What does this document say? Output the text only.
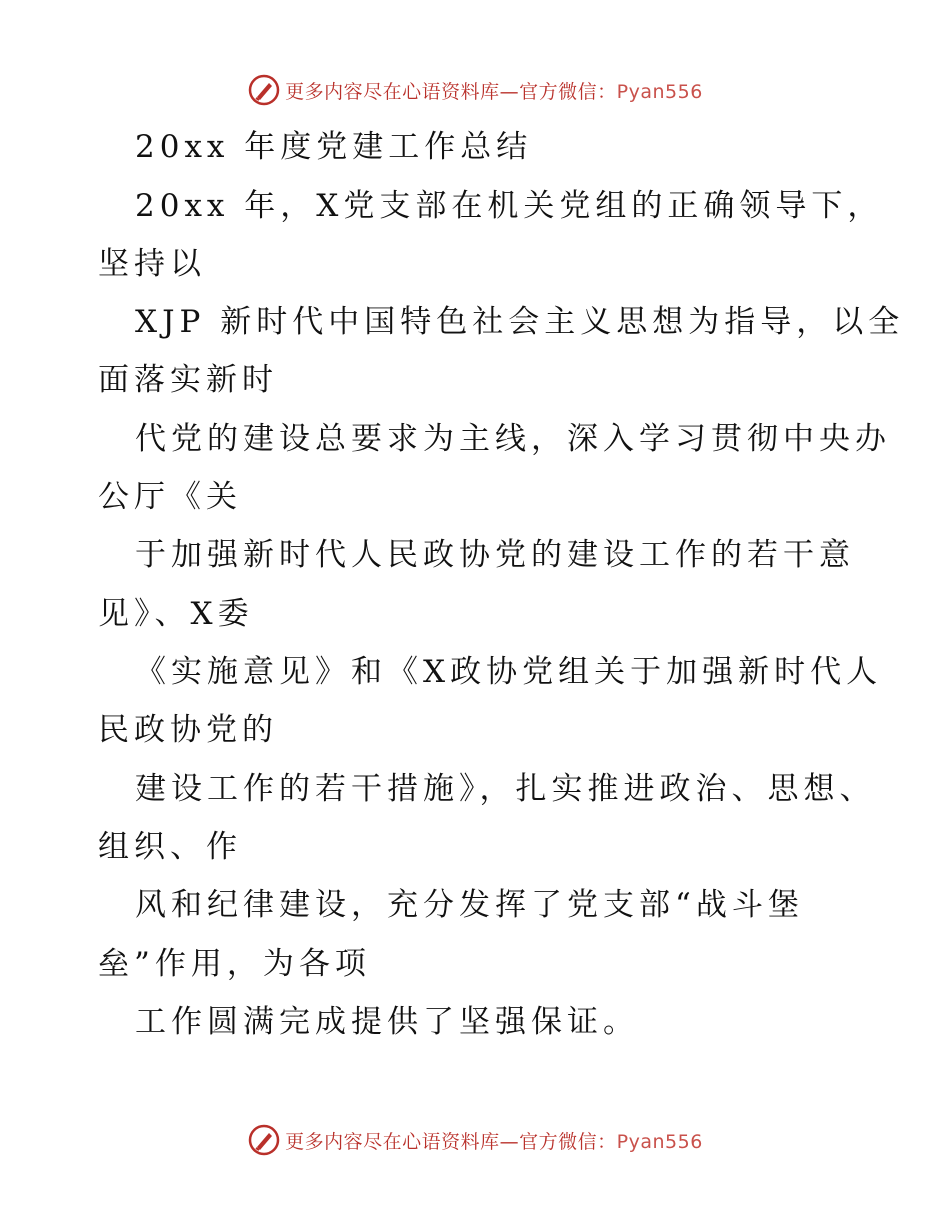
更多内容尽在心语资料库—官方微信：Pyan556
20xx 年度党建工作总结
20xx 年，X党支部在机关党组的正确领导下，
坚持以
XJP 新时代中国特色社会主义思想为指导，以全
面落实新时
代党的建设总要求为主线，深入学习贯彻中央办
公厅《关
于加强新时代人民政协党的建设工作的若干意
见》、X委
《实施意见》和《X政协党组关于加强新时代人
民政协党的
建设工作的若干措施》，扎实推进政治、思想、
组织、作
风和纪律建设，充分发挥了党支部“战斗堡
垒”作用，为各项
工作圆满完成提供了坚强保证。
更多内容尽在心语资料库—官方微信：Pyan556
